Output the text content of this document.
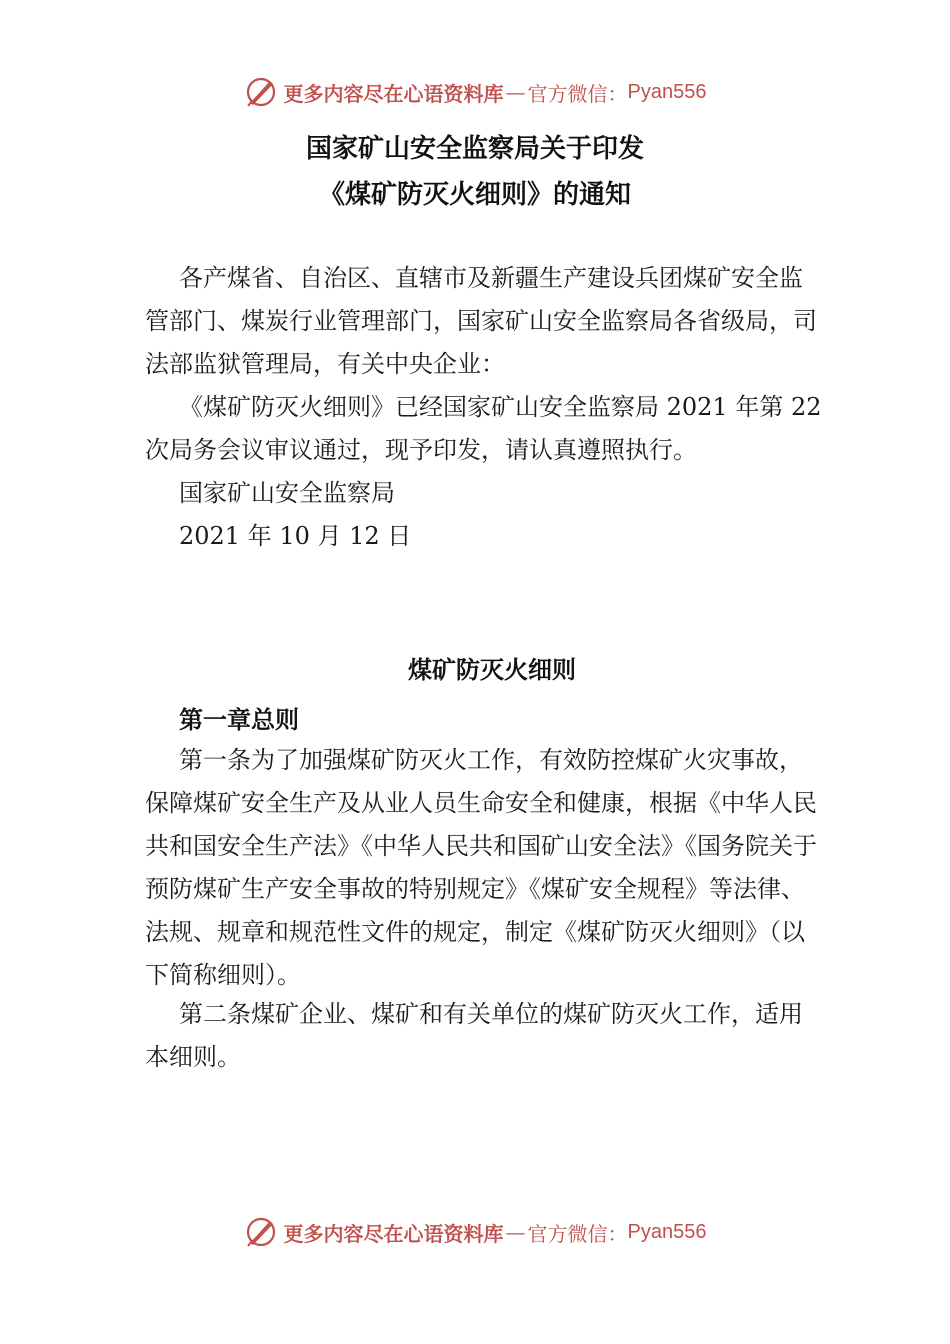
更多内容尽在心语资料库 — 官方微信： Pyan556
国家矿山安全监察局关于印发
《煤矿防灭火细则》的通知
各产煤省、自治区、直辖市及新疆生产建设兵团煤矿安全监管部门、煤炭行业管理部门，国家矿山安全监察局各省级局，司法部监狱管理局，有关中央企业：
《煤矿防灭火细则》已经国家矿山安全监察局 2021 年第 22 次局务会议审议通过，现予印发，请认真遵照执行。
国家矿山安全监察局
2021 年 10 月 12 日
煤矿防灭火细则
第一章总则
第一条为了加强煤矿防灭火工作，有效防控煤矿火灾事故，保障煤矿安全生产及从业人员生命安全和健康，根据《中华人民共和国安全生产法》《中华人民共和国矿山安全法》《国务院关于预防煤矿生产安全事故的特别规定》《煤矿安全规程》等法律、法规、规章和规范性文件的规定，制定《煤矿防灭火细则》（以下简称细则）。
第二条煤矿企业、煤矿和有关单位的煤矿防灭火工作，适用本细则。
更多内容尽在心语资料库 — 官方微信： Pyan556
